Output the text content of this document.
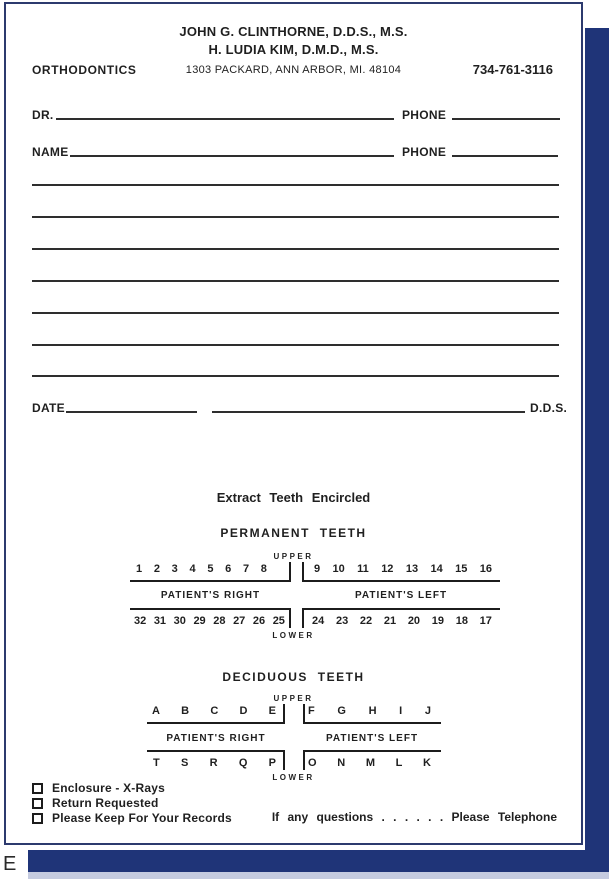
E
JOHN G. CLINTHORNE, D.D.S., M.S.
H. LUDIA KIM, D.M.D., M.S.
ORTHODONTICS	1303 PACKARD, ANN ARBOR, MI. 48104	734-761-3116
DR.	PHONE
NAME	PHONE
DATE	D.D.S.
Extract Teeth Encircled
PERMANENT TEETH
UPPER
1 2 3 4 5 6 7 8	9 10 11 12 13 14 15 16
PATIENT'S RIGHT	PATIENT'S LEFT
32 31 30 29 28 27 26 25 24 23 22 21 20 19 18 17
LOWER
DECIDUOUS TEETH
UPPER
A B C D E	F G H I J
PATIENT'S RIGHT	PATIENT'S LEFT
T S R Q P	O N M L K
LOWER
Enclosure - X-Rays
Return Requested
Please Keep For Your Records	If any questions . . . . . . Please Telephone
